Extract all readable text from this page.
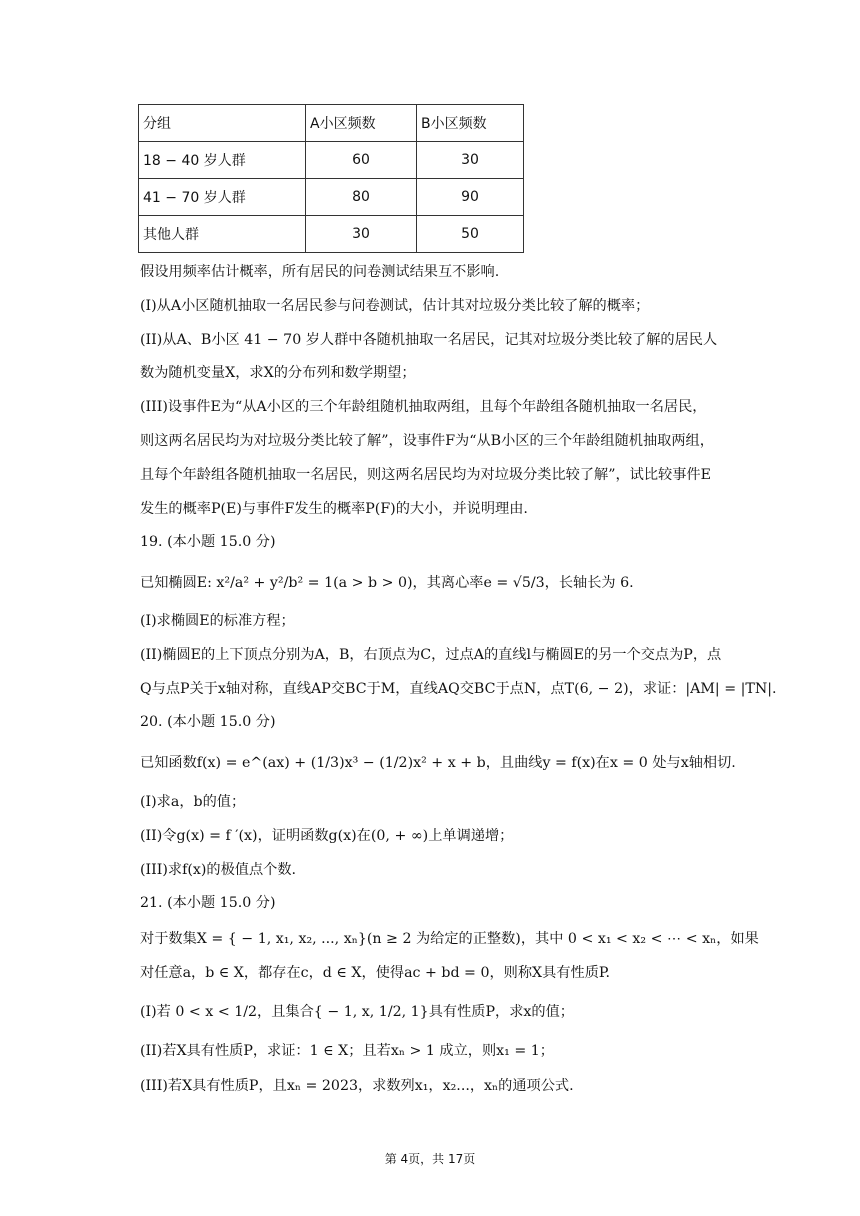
分组	A小区频数	B小区频数
18 − 40 岁人群	60	30
41 − 70 岁人群	80	90
其他人群	30	50
假设用频率估计概率，所有居民的问卷测试结果互不影响.
(I)从A小区随机抽取一名居民参与问卷测试，估计其对垃圾分类比较了解的概率；
(II)从A、B小区 41 − 70 岁人群中各随机抽取一名居民，记其对垃圾分类比较了解的居民人
数为随机变量X，求X的分布列和数学期望；
(III)设事件E为“从A小区的三个年龄组随机抽取两组，且每个年龄组各随机抽取一名居民，
则这两名居民均为对垃圾分类比较了解”，设事件F为“从B小区的三个年龄组随机抽取两组，
且每个年龄组各随机抽取一名居民，则这两名居民均为对垃圾分类比较了解”，试比较事件E
发生的概率P(E)与事件F发生的概率P(F)的大小，并说明理由.
19. (本小题 15.0 分)
已知椭圆E: x²/a² + y²/b² = 1(a > b > 0)，其离心率e = √5/3，长轴长为 6.
(I)求椭圆E的标准方程；
(II)椭圆E的上下顶点分别为A，B，右顶点为C，过点A的直线l与椭圆E的另一个交点为P，点
Q与点P关于x轴对称，直线AP交BC于M，直线AQ交BC于点N，点T(6, − 2)，求证：|AM| = |TN|.
20. (本小题 15.0 分)
已知函数f(x) = e^(ax) + (1/3)x³ − (1/2)x² + x + b，且曲线y = f(x)在x = 0 处与x轴相切.
(I)求a，b的值；
(II)令g(x) = f ′(x)，证明函数g(x)在(0, + ∞)上单调递增；
(III)求f(x)的极值点个数.
21. (本小题 15.0 分)
对于数集X = { − 1, x₁, x₂, ..., xₙ}(n ≥ 2 为给定的正整数)，其中 0 < x₁ < x₂ < ⋯ < xₙ，如果
对任意a，b ∈ X，都存在c，d ∈ X，使得ac + bd = 0，则称X具有性质P.
(I)若 0 < x < 1/2，且集合{ − 1, x, 1/2, 1}具有性质P，求x的值；
(II)若X具有性质P，求证：1 ∈ X；且若xₙ > 1 成立，则x₁ = 1；
(III)若X具有性质P，且xₙ = 2023，求数列x₁，x₂...，xₙ的通项公式.
第 4页，共 17页
